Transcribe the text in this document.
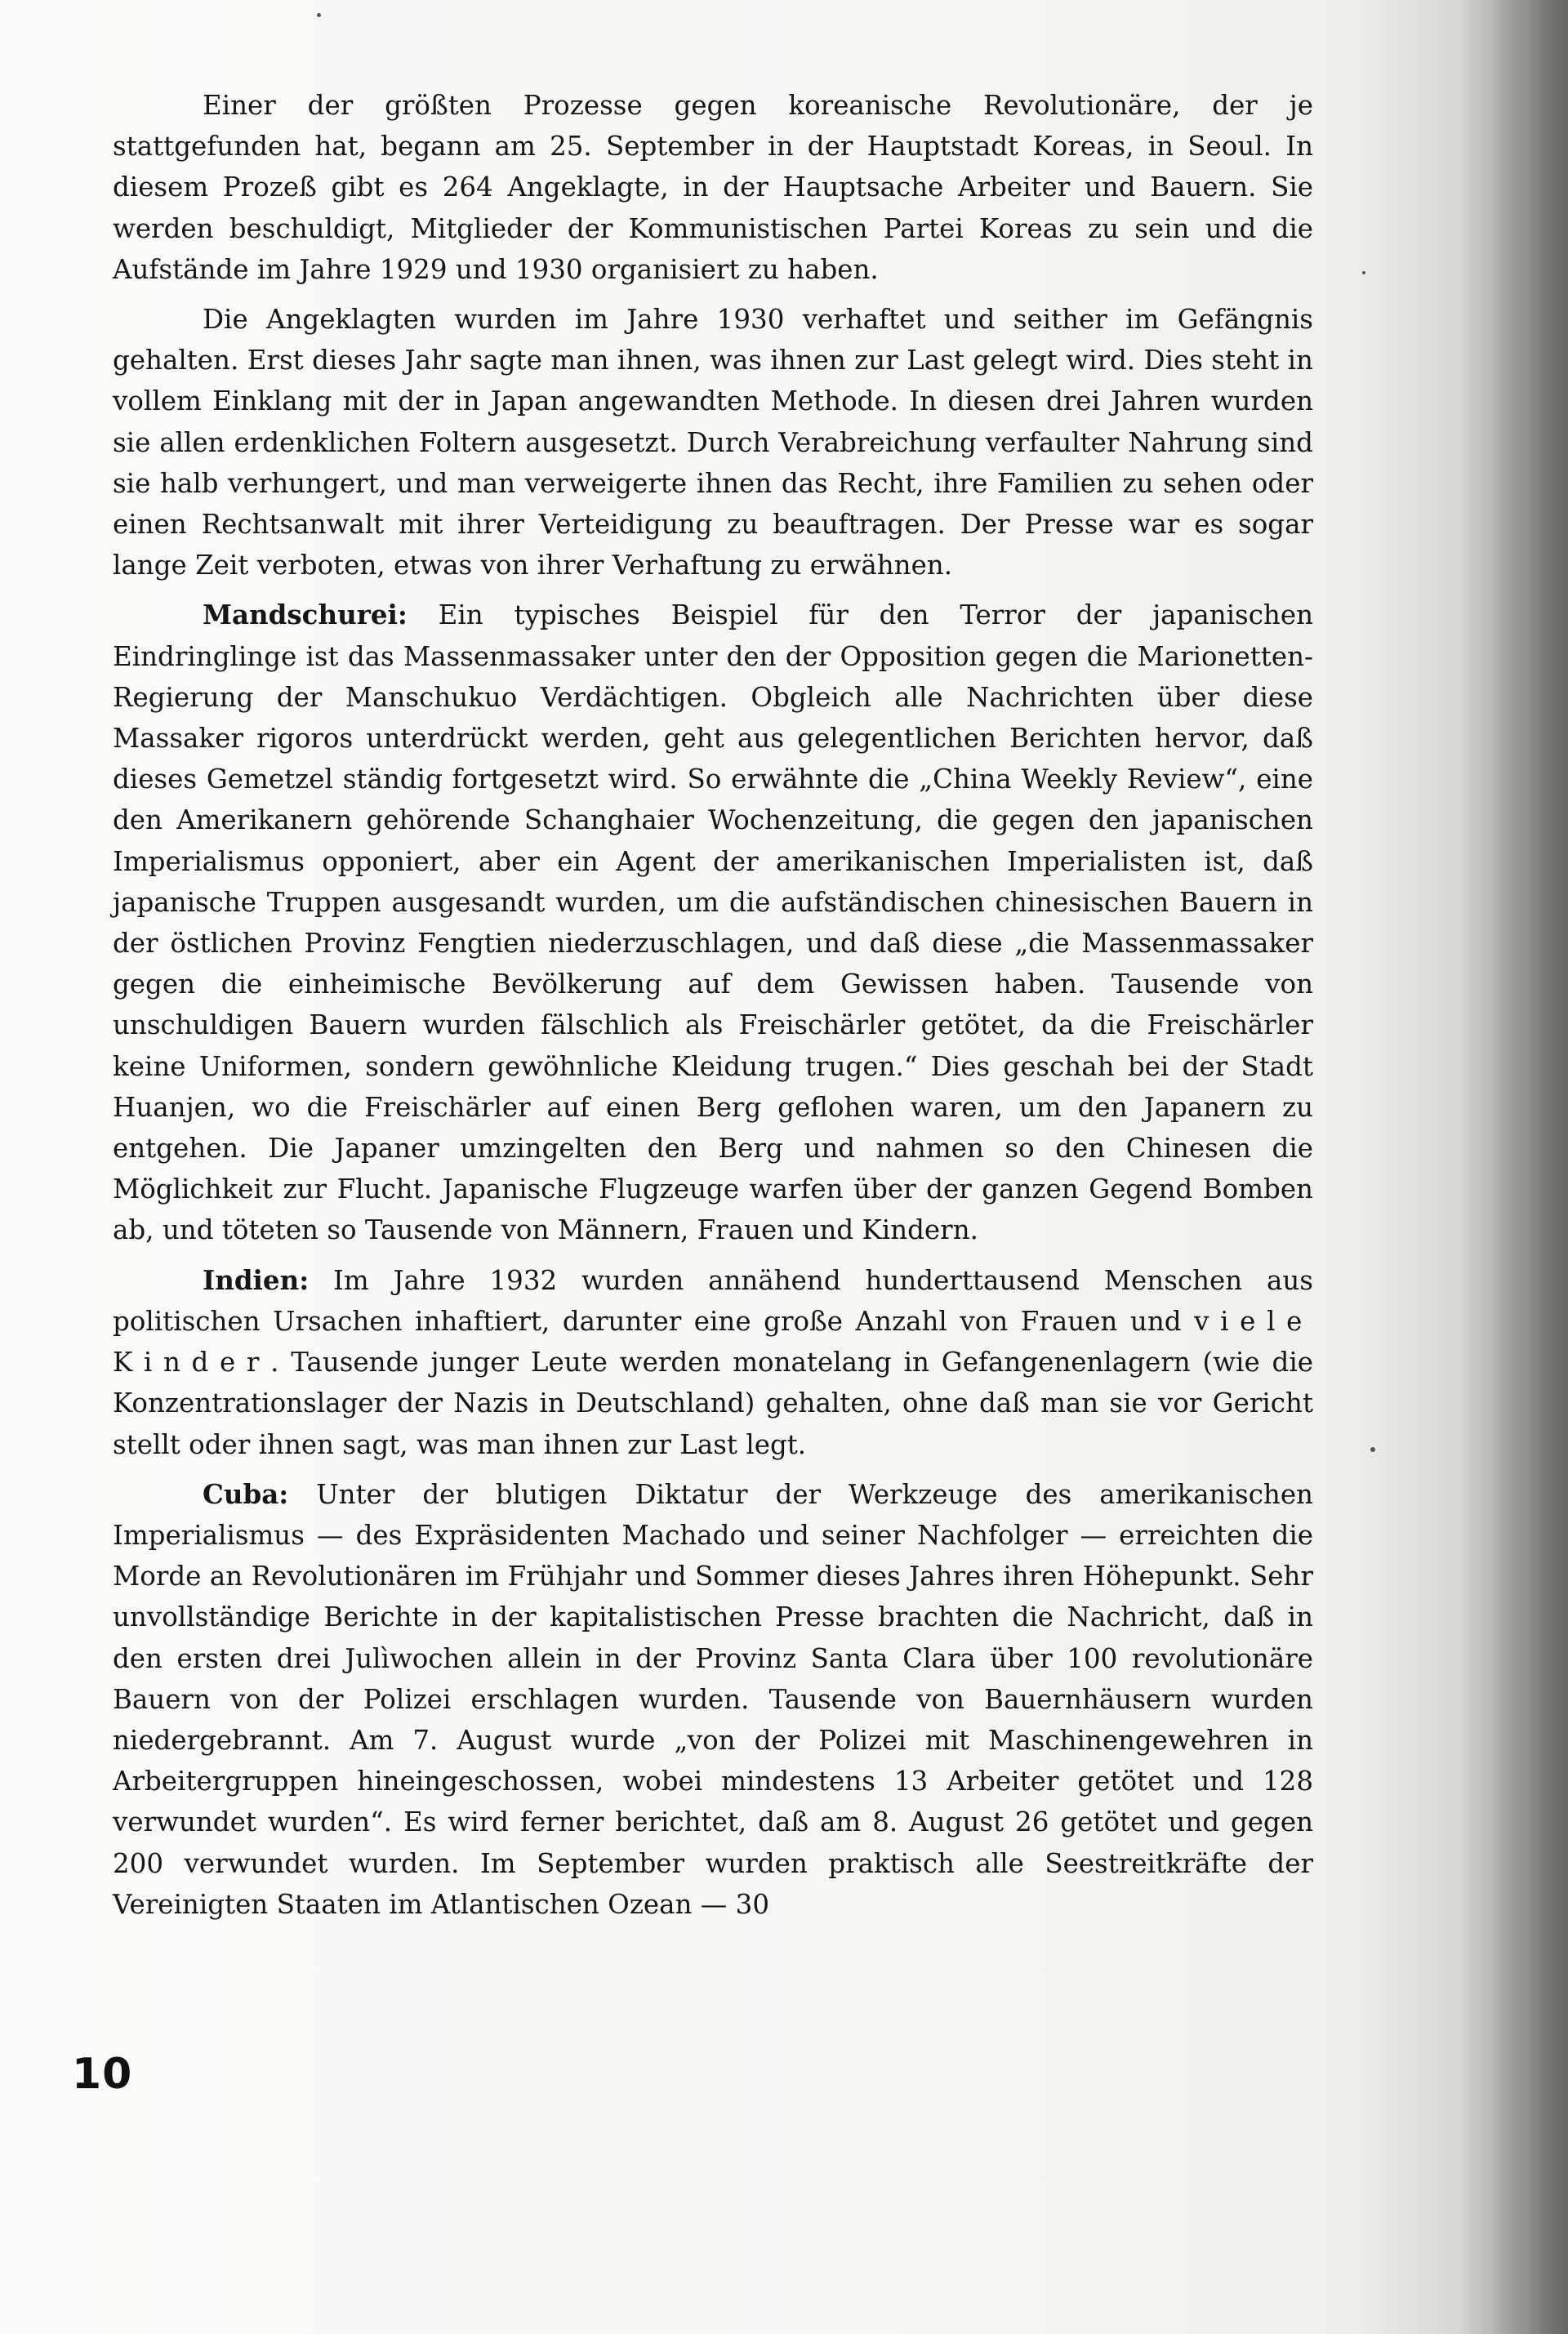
Einer der größten Prozesse gegen koreanische Revolutionäre, der je stattgefunden hat, begann am 25. September in der Hauptstadt Koreas, in Seoul. In diesem Prozeß gibt es 264 Angeklagte, in der Hauptsache Arbeiter und Bauern. Sie werden beschuldigt, Mitglieder der Kommunistischen Partei Koreas zu sein und die Aufstände im Jahre 1929 und 1930 organisiert zu haben.

Die Angeklagten wurden im Jahre 1930 verhaftet und seither im Gefängnis gehalten. Erst dieses Jahr sagte man ihnen, was ihnen zur Last gelegt wird. Dies steht in vollem Einklang mit der in Japan angewandten Methode. In diesen drei Jahren wurden sie allen erdenklichen Foltern ausgesetzt. Durch Verabreichung verfaulter Nahrung sind sie halb verhungert, und man verweigerte ihnen das Recht, ihre Familien zu sehen oder einen Rechtsanwalt mit ihrer Verteidigung zu beauftragen. Der Presse war es sogar lange Zeit verboten, etwas von ihrer Verhaftung zu erwähnen.

Mandschurei: Ein typisches Beispiel für den Terror der japanischen Eindringlinge ist das Massenmassaker unter den der Opposition gegen die Marionetten-Regierung der Manschukuo Verdächtigen. Obgleich alle Nachrichten über diese Massaker rigoros unterdrückt werden, geht aus gelegentlichen Berichten hervor, daß dieses Gemetzel ständig fortgesetzt wird. So erwähnte die „China Weekly Review“, eine den Amerikanern gehörende Schanghaier Wochenzeitung, die gegen den japanischen Imperialismus opponiert, aber ein Agent der amerikanischen Imperialisten ist, daß japanische Truppen ausgesandt wurden, um die aufständischen chinesischen Bauern in der östlichen Provinz Fengtien niederzuschlagen, und daß diese „die Massenmassaker gegen die einheimische Bevölkerung auf dem Gewissen haben. Tausende von unschuldigen Bauern wurden fälschlich als Freischärler getötet, da die Freischärler keine Uniformen, sondern gewöhnliche Kleidung trugen.“ Dies geschah bei der Stadt Huanjen, wo die Freischärler auf einen Berg geflohen waren, um den Japanern zu entgehen. Die Japaner umzingelten den Berg und nahmen so den Chinesen die Möglichkeit zur Flucht. Japanische Flugzeuge warfen über der ganzen Gegend Bomben ab, und töteten so Tausende von Männern, Frauen und Kindern.

Indien: Im Jahre 1932 wurden annähend hunderttausend Menschen aus politischen Ursachen inhaftiert, darunter eine große Anzahl von Frauen und viele Kinder. Tausende junger Leute werden monatelang in Gefangenenlagern (wie die Konzentrationslager der Nazis in Deutschland) gehalten, ohne daß man sie vor Gericht stellt oder ihnen sagt, was man ihnen zur Last legt.

Cuba: Unter der blutigen Diktatur der Werkzeuge des amerikanischen Imperialismus — des Expräsidenten Machado und seiner Nachfolger — erreichten die Morde an Revolutionären im Frühjahr und Sommer dieses Jahres ihren Höhepunkt. Sehr unvollständige Berichte in der kapitalistischen Presse brachten die Nachricht, daß in den ersten drei Julìwochen allein in der Provinz Santa Clara über 100 revolutionäre Bauern von der Polizei erschlagen wurden. Tausende von Bauernhäusern wurden niedergebrannt. Am 7. August wurde „von der Polizei mit Maschinengewehren in Arbeitergruppen hineingeschossen, wobei mindestens 13 Arbeiter getötet und 128 verwundet wurden“. Es wird ferner berichtet, daß am 8. August 26 getötet und gegen 200 verwundet wurden. Im September wurden praktisch alle Seestreitkräfte der Vereinigten Staaten im Atlantischen Ozean — 30

10
